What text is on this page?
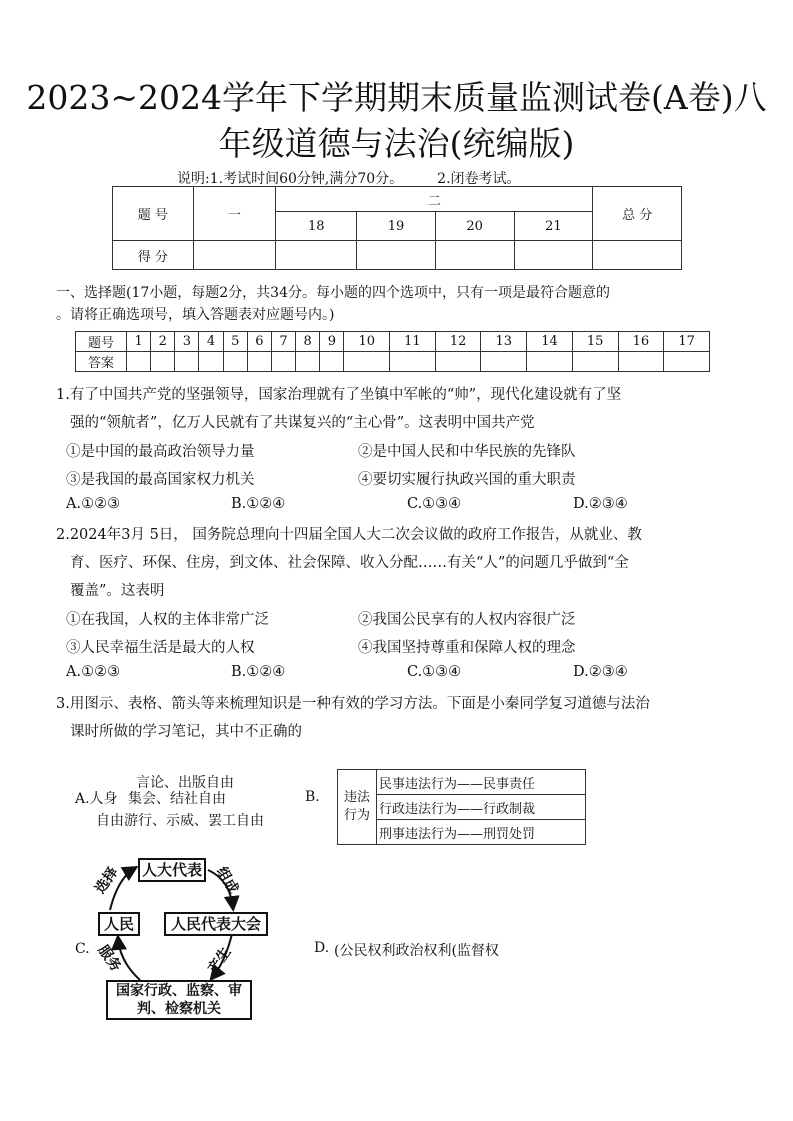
2023~2024学年下学期期末质量监测试卷(A卷)八
年级道德与法治(统编版)
说明:1.考试时间60分钟,满分70分。 2.闭卷考试。
题 号	一	二				总 分
		18	19	20	21	
得 分						
一、选择题(17小题，每题2分，共34分。每小题的四个选项中，只有一项是最符合题意的
。请将正确选项号，填入答题表对应题号内。)
题号	1	2	3	4	5	6	7	8	9	10	11	12	13	14	15	16	17
答案																	
1.有了中国共产党的坚强领导，国家治理就有了坐镇中军帐的“帅”，现代化建设就有了坚
强的“领航者”，亿万人民就有了共谋复兴的“主心骨”。这表明中国共产党
①是中国的最高政治领导力量	②是中国人民和中华民族的先锋队
③是我国的最高国家权力机关	④要切实履行执政兴国的重大职责
A.①②③	B.①②④	C.①③④	D.②③④
2.2024年3月 5日， 国务院总理向十四届全国人大二次会议做的政府工作报告，从就业、教
育、医疗、环保、住房，到文体、社会保障、收入分配……有关“人”的问题几乎做到“全
覆盖”。这表明
①在我国，人权的主体非常广泛	②我国公民享有的人权内容很广泛
③人民幸福生活是最大的人权	④我国坚持尊重和保障人权的理念
A.①②③	B.①②④	C.①③④	D.②③④
3.用图示、表格、箭头等来梳理知识是一种有效的学习方法。下面是小秦同学复习道德与法治
课时所做的学习笔记，其中不正确的
言论、出版自由
A.人身 集会、结社自由
自由游行、示威、罢工自由
B. 违法行为	民事违法行为——民事责任
行政违法行为——行政制裁
刑事违法行为——刑罚处罚
C.
人大代表
人民	人民代表大会
国家行政、监察、审判、检察机关
选择	组成
服务	产生	D. (公民权利政治权利(监督权
